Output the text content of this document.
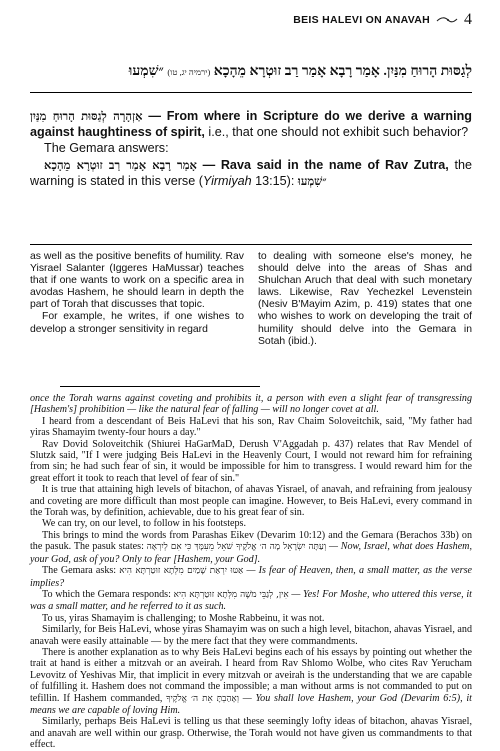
BEIS HALEVI ON ANAVAH 4
לְגַסּוּת הָרוּחַ מִנַּיִן. אָמַר רָבָא אָמַר רַב זוּטְרָא מֵהָכָא (ירמיה יג, טו) ״שִׁמְעוּ

אַזְהָרָה לְגַסּוּת הָרוּחַ מִנַּיִן — From where in Scripture do we derive a warning against haughtiness of spirit, i.e., that one should not exhibit such behavior?

The Gemara answers:

אָמַר רָבָא אָמַר רַב זוּטְרָא מֵהָכָא — Rava said in the name of Rav Zutra, the warning is stated in this verse (Yirmiyah 13:15): ״שִׁמְעוּ

as well as the positive benefits of humility. Rav Yisrael Salanter (Iggeres HaMussar) teaches that if one wants to work on a specific area in avodas Hashem, he should learn in depth the part of Torah that discusses that topic.

For example, he writes, if one wishes to develop a stronger sensitivity in regard

to dealing with someone else's money, he should delve into the areas of Shas and Shulchan Aruch that deal with such monetary laws. Likewise, Rav Yechezkel Levenstein (Nesiv B'Mayim Azim, p. 419) states that one who wishes to work on developing the trait of humility should delve into the Gemara in Sotah (ibid.).

once the Torah warns against coveting and prohibits it, a person with even a slight fear of transgressing [Hashem's] prohibition — like the natural fear of falling — will no longer covet at all.

I heard from a descendant of Beis HaLevi that his son, Rav Chaim Soloveitchik, said, "My father had yiras Shamayim twenty-four hours a day."

Rav Dovid Soloveitchik (Shiurei HaGarMaD, Derush V'Aggadah p. 437) relates that Rav Mendel of Slutzk said, "If I were judging Beis HaLevi in the Heavenly Court, I would not reward him for refraining from sin; he had such fear of sin, it would be impossible for him to transgress. I would reward him for the great effort it took to reach that level of fear of sin."

It is true that attaining high levels of bitachon, of ahavas Yisrael, of anavah, and refraining from jealousy and coveting are more difficult than most people can imagine. However, to Beis HaLevi, every command in the Torah was, by definition, achievable, due to his great fear of sin.

We can try, on our level, to follow in his footsteps.

This brings to mind the words from Parashas Eikev (Devarim 10:12) and the Gemara (Berachos 33b) on the pasuk. The pasuk states: וְעַתָּה יִשְׂרָאֵל מָה ה׳ אֱלֹקֶיךָ שֹׁאֵל מֵעִמָּךְ כִּי אִם לְיִרְאָה — Now, Israel, what does Hashem, your God, ask of you? Only to fear [Hashem, your God].

The Gemara asks: אַטּוּ יִרְאַת שָׁמַיִם מִלְּתָא זוּטַרְתָּא הִיא — Is fear of Heaven, then, a small matter, as the verse implies?

To which the Gemara responds: אִין, לְגַבֵּי מֹשֶׁה מִלְּתָא זוּטַרְתָּא הִיא — Yes! For Moshe, who uttered this verse, it was a small matter, and he referred to it as such.

To us, yiras Shamayim is challenging; to Moshe Rabbeinu, it was not.

Similarly, for Beis HaLevi, whose yiras Shamayim was on such a high level, bitachon, ahavas Yisrael, and anavah were easily attainable — by the mere fact that they were commandments.

There is another explanation as to why Beis HaLevi begins each of his essays by pointing out whether the trait at hand is either a mitzvah or an aveirah. I heard from Rav Shlomo Wolbe, who cites Rav Yerucham Levovitz of Yeshivas Mir, that implicit in every mitzvah or aveirah is the understanding that we are capable of fulfilling it. Hashem does not command the impossible; a man without arms is not commanded to put on tefillin. If Hashem commanded, וְאָהַבְתָּ אֵת ה׳ אֱלֹקֶיךָ — You shall love Hashem, your God (Devarim 6:5), it means we are capable of loving Him.

Similarly, perhaps Beis HaLevi is telling us that these seemingly lofty ideas of bitachon, ahavas Yisrael, and anavah are well within our grasp. Otherwise, the Torah would not have given us commandments to that effect.
